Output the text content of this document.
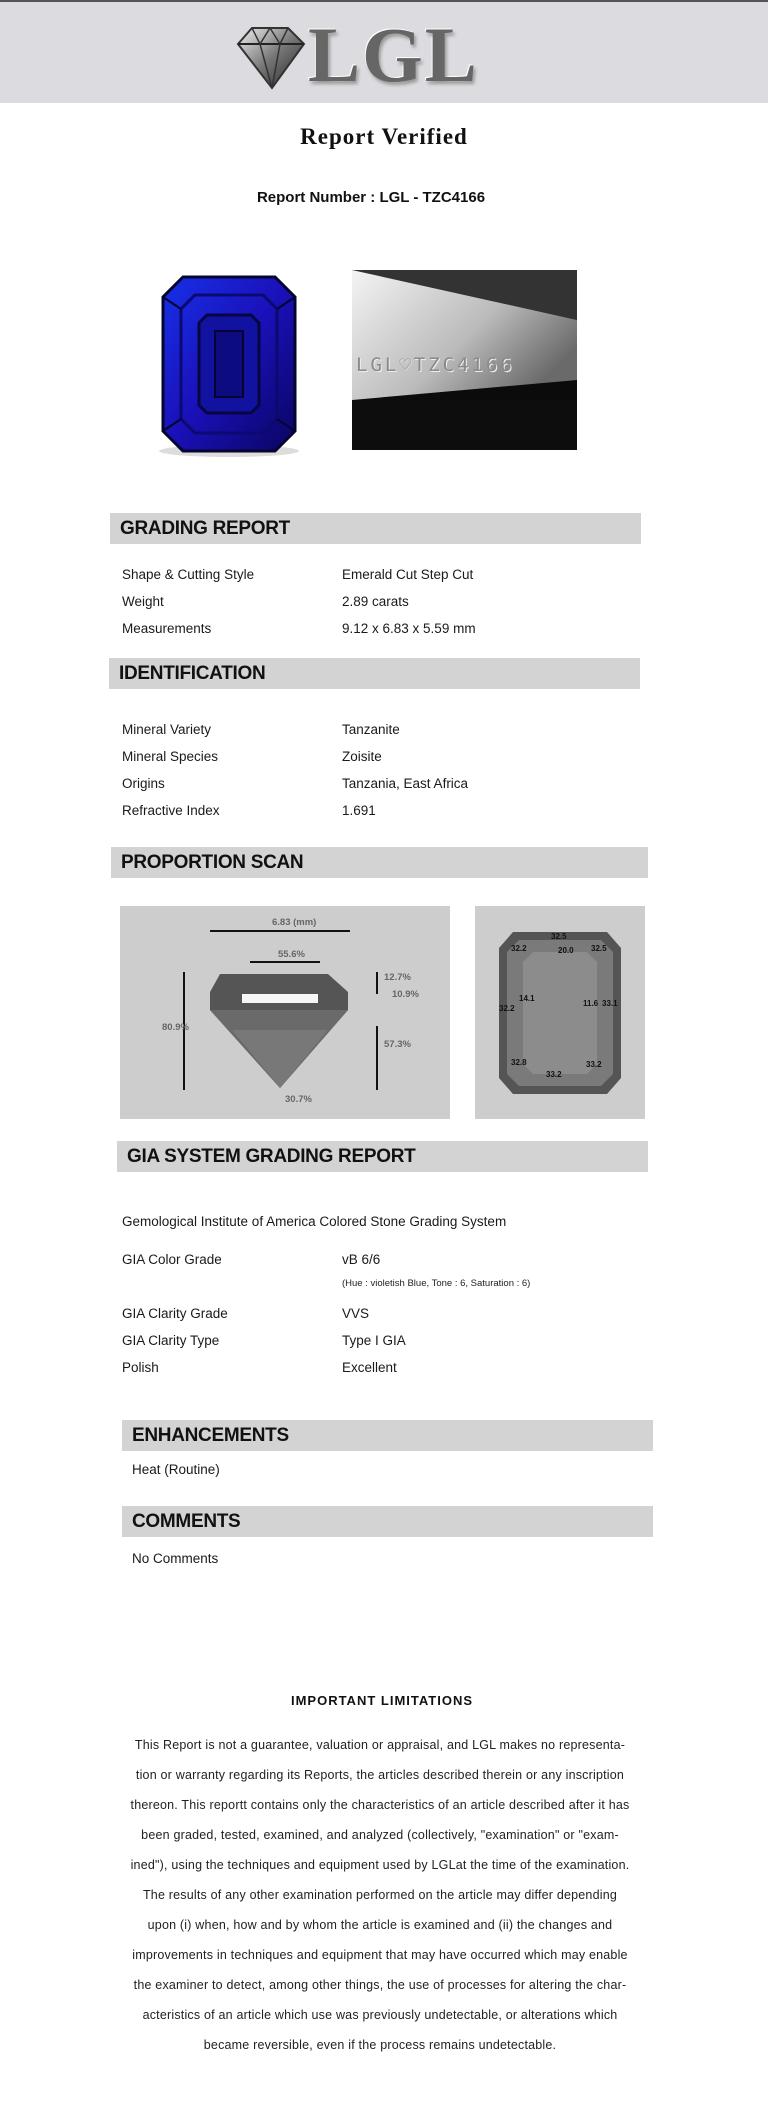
LGL
Report Verified
Report Number : LGL - TZC4166
LGL♡TZC4166
GRADING REPORT
Shape & Cutting Style	Emerald Cut Step Cut
Weight	2.89 carats
Measurements	9.12 x 6.83 x 5.59 mm
IDENTIFICATION
Mineral Variety	Tanzanite
Mineral Species	Zoisite
Origins	Tanzania, East Africa
Refractive Index	1.691
PROPORTION SCAN
6.83 (mm)
55.6%
80.9%
12.7%
10.9%
57.3%
30.7%
32.2
32.5
20.0 32.5
14.1
32.2
11.6 33.1
32.8
33.2
33.2
GIA SYSTEM GRADING REPORT
Gemological Institute of America Colored Stone Grading System
GIA Color Grade	vB 6/6
(Hue : violetish Blue, Tone : 6, Saturation : 6)
GIA Clarity Grade	VVS
GIA Clarity Type	Type I GIA
Polish	Excellent
ENHANCEMENTS
Heat (Routine)
COMMENTS
No Comments
IMPORTANT LIMITATIONS
This Report is not a guarantee, valuation or appraisal, and LGL makes no representa-
tion or warranty regarding its Reports, the articles described therein or any inscription
thereon. This reportt contains only the characteristics of an article described after it has
been graded, tested, examined, and analyzed (collectively, "examination" or "exam-
ined"), using the techniques and equipment used by LGLat the time of the examination.
The results of any other examination performed on the article may differ depending
upon (i) when, how and by whom the article is examined and (ii) the changes and
improvements in techniques and equipment that may have occurred which may enable
the examiner to detect, among other things, the use of processes for altering the char-
acteristics of an article which use was previously undetectable, or alterations which
became reversible, even if the process remains undetectable.
